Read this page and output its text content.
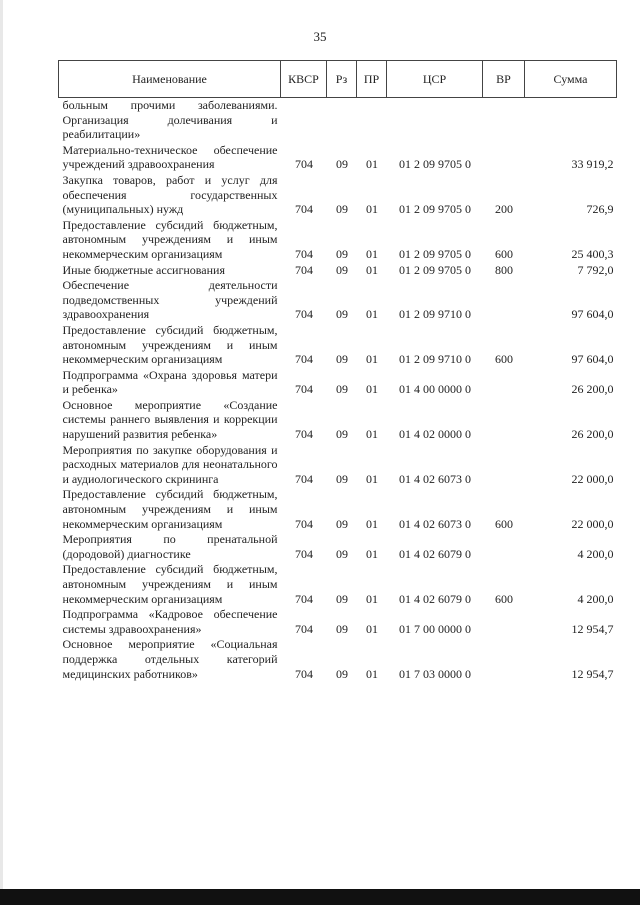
35
Наименование	КВСР	Рз	ПР	ЦСР	ВР	Сумма
больным прочими заболеваниями. Организация долечивания и реабилитации»						
Материально-техническое обеспечение учреждений здравоохранения	704	09	01	01 2 09 9705 0		33 919,2
Закупка товаров, работ и услуг для обеспечения государственных (муниципальных) нужд	704	09	01	01 2 09 9705 0	200	726,9
Предоставление субсидий бюджетным, автономным учреждениям и иным некоммерческим организациям	704	09	01	01 2 09 9705 0	600	25 400,3
Иные бюджетные ассигнования	704	09	01	01 2 09 9705 0	800	7 792,0
Обеспечение деятельности подведомственных учреждений здравоохранения	704	09	01	01 2 09 9710 0		97 604,0
Предоставление субсидий бюджетным, автономным учреждениям и иным некоммерческим организациям	704	09	01	01 2 09 9710 0	600	97 604,0
Подпрограмма «Охрана здоровья матери и ребенка»	704	09	01	01 4 00 0000 0		26 200,0
Основное мероприятие «Создание системы раннего выявления и коррекции нарушений развития ребенка»	704	09	01	01 4 02 0000 0		26 200,0
Мероприятия по закупке оборудования и расходных материалов для неонатального и аудиологического скрининга	704	09	01	01 4 02 6073 0		22 000,0
Предоставление субсидий бюджетным, автономным учреждениям и иным некоммерческим организациям	704	09	01	01 4 02 6073 0	600	22 000,0
Мероприятия по пренатальной (дородовой) диагностике	704	09	01	01 4 02 6079 0		4 200,0
Предоставление субсидий бюджетным, автономным учреждениям и иным некоммерческим организациям	704	09	01	01 4 02 6079 0	600	4 200,0
Подпрограмма «Кадровое обеспечение системы здравоохранения»	704	09	01	01 7 00 0000 0		12 954,7
Основное мероприятие «Социальная поддержка отдельных категорий медицинских работников»	704	09	01	01 7 03 0000 0		12 954,7
